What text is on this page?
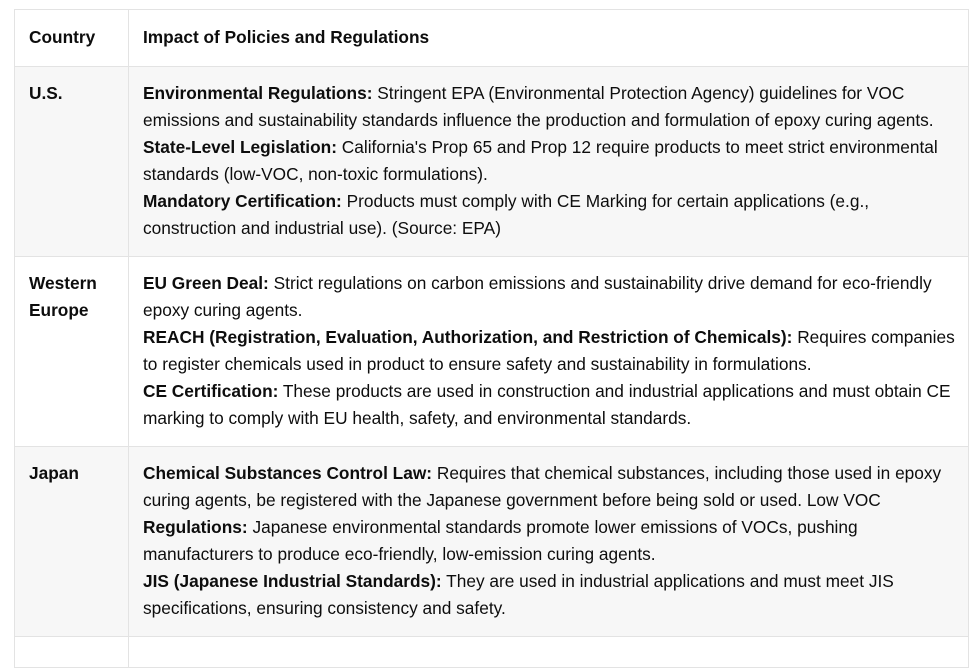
Country	Impact of Policies and Regulations
U.S.	Environmental Regulations: Stringent EPA (Environmental Protection Agency) guidelines for VOC emissions and sustainability standards influence the production and formulation of epoxy curing agents.
State-Level Legislation: California's Prop 65 and Prop 12 require products to meet strict environmental standards (low-VOC, non-toxic formulations).
Mandatory Certification: Products must comply with CE Marking for certain applications (e.g., construction and industrial use). (Source: EPA)

Western Europe	EU Green Deal: Strict regulations on carbon emissions and sustainability drive demand for eco-friendly epoxy curing agents.
REACH (Registration, Evaluation, Authorization, and Restriction of Chemicals): Requires companies to register chemicals used in product to ensure safety and sustainability in formulations.
CE Certification: These products are used in construction and industrial applications and must obtain CE marking to comply with EU health, safety, and environmental standards.

Japan	Chemical Substances Control Law: Requires that chemical substances, including those used in epoxy curing agents, be registered with the Japanese government before being sold or used. Low VOC
Regulations: Japanese environmental standards promote lower emissions of VOCs, pushing manufacturers to produce eco-friendly, low-emission curing agents.
JIS (Japanese Industrial Standards): They are used in industrial applications and must meet JIS specifications, ensuring consistency and safety.
